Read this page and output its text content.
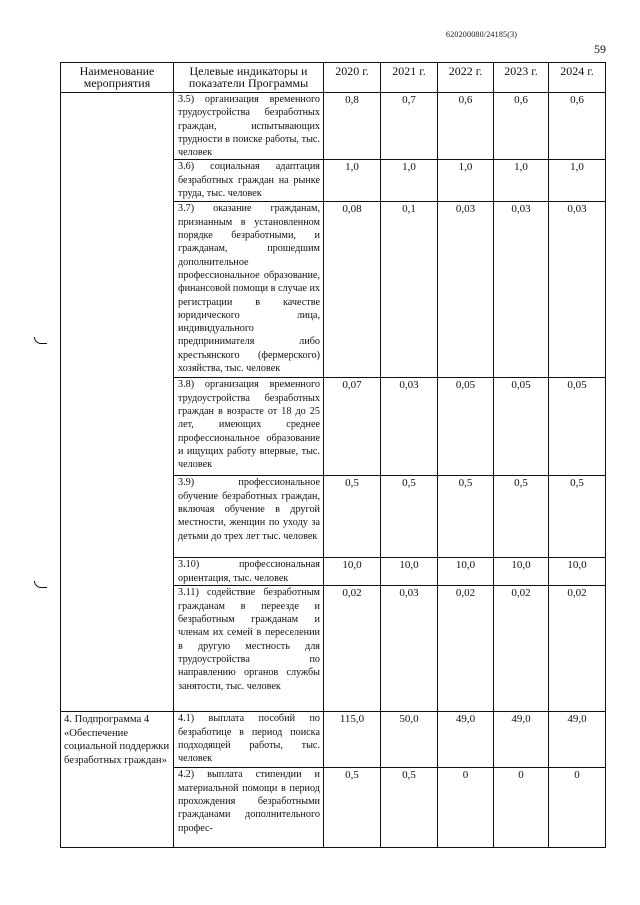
620200080/24185(3)
59
Наименование мероприятия	Целевые индикаторы и показатели Программы	2020 г.	2021 г.	2022 г.	2023 г.	2024 г.
	3.5) организация временного трудоустройства безработных граждан, испытывающих трудности в поиске работы, тыс. человек	0,8	0,7	0,6	0,6	0,6
	3.6) социальная адаптация безработных граждан на рынке труда, тыс. человек	1,0	1,0	1,0	1,0	1,0
	3.7) оказание гражданам, признанным в установленном порядке безработными, и гражданам, прошедшим дополнительное профессиональное образование, финансовой помощи в случае их регистрации в качестве юридического лица, индивидуального предпринимателя либо крестьянского (фермерского) хозяйства, тыс. человек	0,08	0,1	0,03	0,03	0,03
	3.8) организация временного трудоустройства безработных граждан в возрасте от 18 до 25 лет, имеющих среднее профессиональное образование и ищущих работу впервые, тыс. человек	0,07	0,03	0,05	0,05	0,05
	3.9) профессиональное обучение безработных граждан, включая обучение в другой местности, женщин по уходу за детьми до трех лет тыс. человек	0,5	0,5	0,5	0,5	0,5
	3.10) профессиональная ориентация, тыс. человек	10,0	10,0	10,0	10,0	10,0
	3.11) содействие безработным гражданам в переезде и безработным гражданам и членам их семей в переселении в другую местность для трудоустройства по направлению органов службы занятости, тыс. человек	0,02	0,03	0,02	0,02	0,02
4. Подпрограмма 4 «Обеспечение социальной поддержки безработных граждан»	4.1) выплата пособий по безработице в период поиска подходящей работы, тыс. человек	115,0	50,0	49,0	49,0	49,0
	4.2) выплата стипендии и материальной помощи в период прохождения безработными гражданами дополнительного профес-	0,5	0,5	0	0	0
